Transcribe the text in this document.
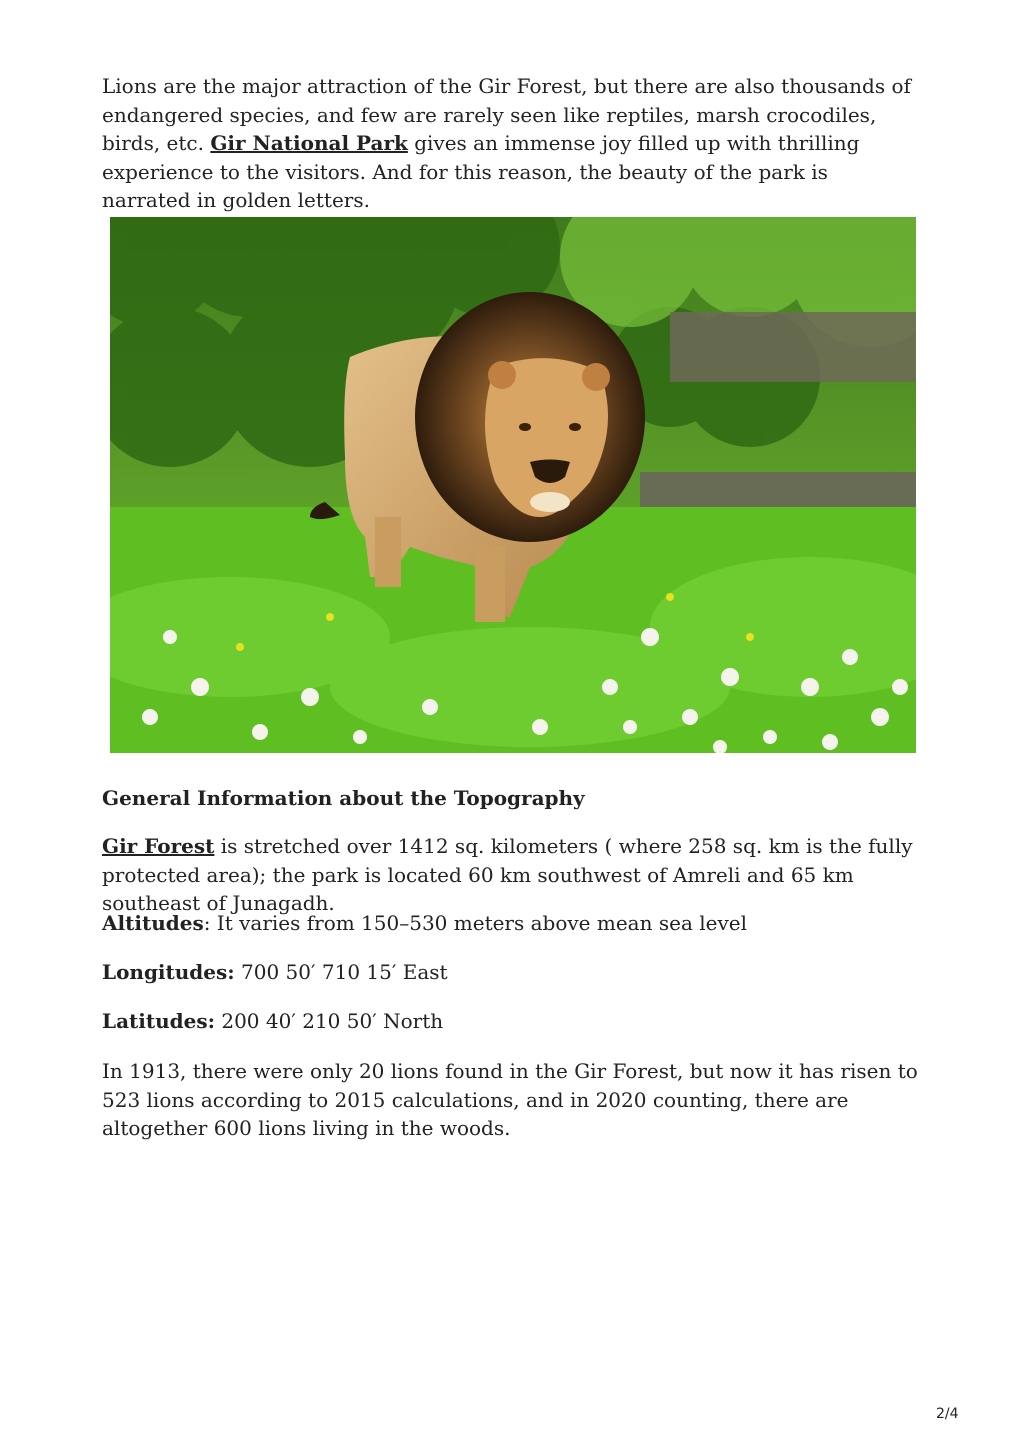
Lions are the major attraction of the Gir Forest, but there are also thousands of endangered species, and few are rarely seen like reptiles, marsh crocodiles, birds, etc. Gir National Park gives an immense joy filled up with thrilling experience to the visitors. And for this reason, the beauty of the park is narrated in golden letters.

General Information about the Topography

Gir Forest is stretched over 1412 sq. kilometers ( where 258 sq. km is the fully protected area); the park is located 60 km southwest of Amreli and 65 km southeast of Junagadh.

Altitudes: It varies from 150–530 meters above mean sea level

Longitudes: 700 50′ 710 15′ East

Latitudes: 200 40′ 210 50′ North

In 1913, there were only 20 lions found in the Gir Forest, but now it has risen to 523 lions according to 2015 calculations, and in 2020 counting, there are altogether 600 lions living in the woods.

2/4
